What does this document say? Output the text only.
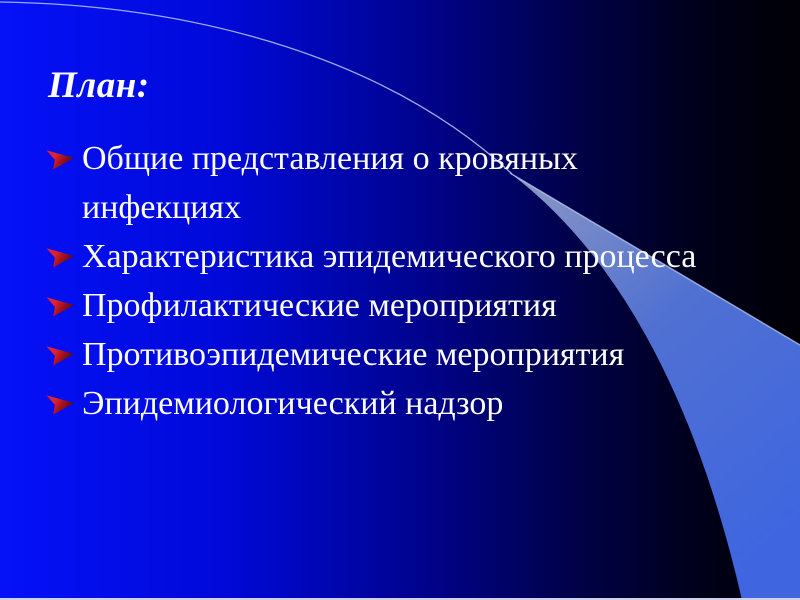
План:
Общие представления о кровяных
инфекциях
Характеристика эпидемического процесса
Профилактические мероприятия
Противоэпидемические мероприятия
Эпидемиологический надзор
